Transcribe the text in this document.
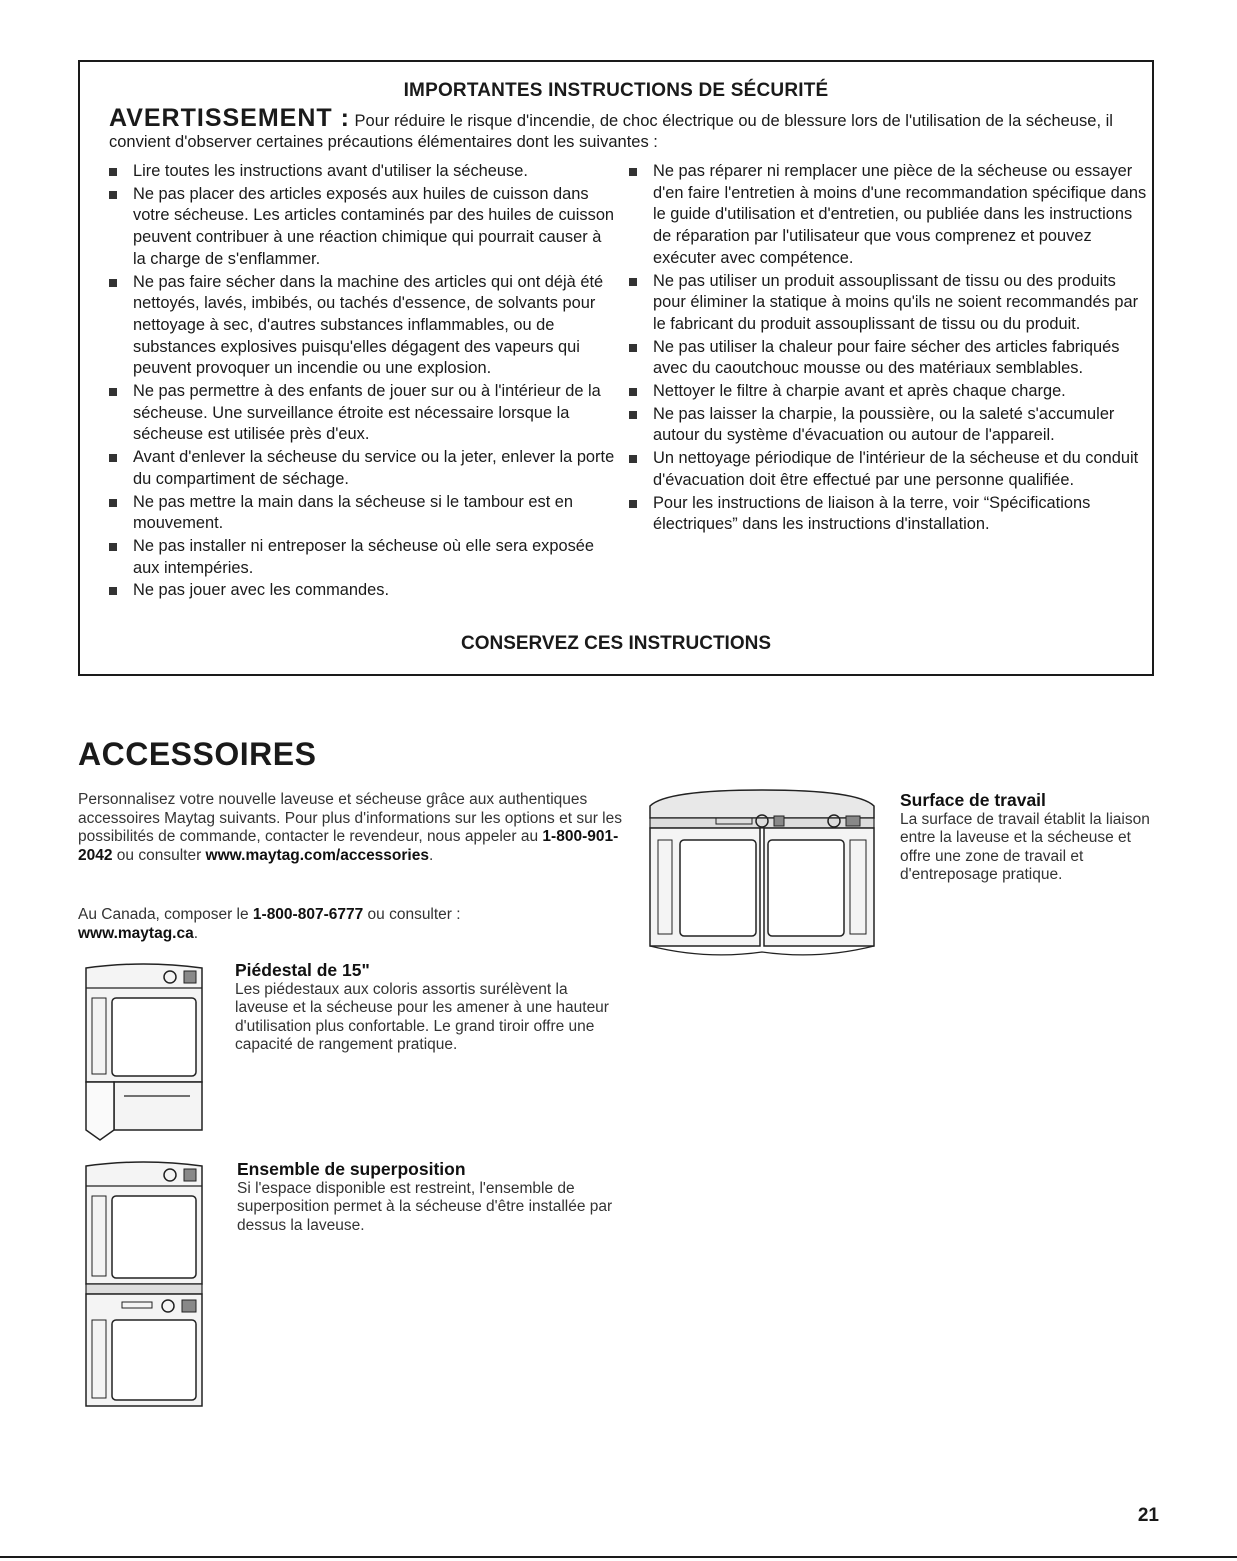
IMPORTANTES INSTRUCTIONS DE SÉCURITÉ
AVERTISSEMENT : Pour réduire le risque d'incendie, de choc électrique ou de blessure lors de l'utilisation de la sécheuse, il convient d'observer certaines précautions élémentaires dont les suivantes :
Lire toutes les instructions avant d'utiliser la sécheuse.
Ne pas placer des articles exposés aux huiles de cuisson dans votre sécheuse. Les articles contaminés par des huiles de cuisson peuvent contribuer à une réaction chimique qui pourrait causer à la charge de s'enflammer.
Ne pas faire sécher dans la machine des articles qui ont déjà été nettoyés, lavés, imbibés, ou tachés d'essence, de solvants pour nettoyage à sec, d'autres substances inflammables, ou de substances explosives puisqu'elles dégagent des vapeurs qui peuvent provoquer un incendie ou une explosion.
Ne pas permettre à des enfants de jouer sur ou à l'intérieur de la sécheuse. Une surveillance étroite est nécessaire lorsque la sécheuse est utilisée près d'eux.
Avant d'enlever la sécheuse du service ou la jeter, enlever la porte du compartiment de séchage.
Ne pas mettre la main dans la sécheuse si le tambour est en mouvement.
Ne pas installer ni entreposer la sécheuse où elle sera exposée aux intempéries.
Ne pas jouer avec les commandes.
Ne pas réparer ni remplacer une pièce de la sécheuse ou essayer d'en faire l'entretien à moins d'une recommandation spécifique dans le guide d'utilisation et d'entretien, ou publiée dans les instructions de réparation par l'utilisateur que vous comprenez et pouvez exécuter avec compétence.
Ne pas utiliser un produit assouplissant de tissu ou des produits pour éliminer la statique à moins qu'ils ne soient recommandés par le fabricant du produit assouplissant de tissu ou du produit.
Ne pas utiliser la chaleur pour faire sécher des articles fabriqués avec du caoutchouc mousse ou des matériaux semblables.
Nettoyer le filtre à charpie avant et après chaque charge.
Ne pas laisser la charpie, la poussière, ou la saleté s'accumuler autour du système d'évacuation ou autour de l'appareil.
Un nettoyage périodique de l'intérieur de la sécheuse et du conduit d'évacuation doit être effectué par une personne qualifiée.
Pour les instructions de liaison à la terre, voir “Spécifications électriques” dans les instructions d'installation.
CONSERVEZ CES INSTRUCTIONS
ACCESSOIRES
Personnalisez votre nouvelle laveuse et sécheuse grâce aux authentiques accessoires Maytag suivants. Pour plus d'informations sur les options et sur les possibilités de commande, contacter le revendeur, nous appeler au 1-800-901-2042 ou consulter www.maytag.com/accessories.
Au Canada, composer le 1-800-807-6777 ou consulter :
www.maytag.ca.
Piédestal de 15"
Les piédestaux aux coloris assortis surélèvent la laveuse et la sécheuse pour les amener à une hauteur d'utilisation plus confortable. Le grand tiroir offre une capacité de rangement pratique.
Ensemble de superposition
Si l'espace disponible est restreint, l'ensemble de superposition permet à la sécheuse d'être installée par dessus la laveuse.
Surface de travail
La surface de travail établit la liaison entre la laveuse et la sécheuse et offre une zone de travail et d'entreposage pratique.
21
